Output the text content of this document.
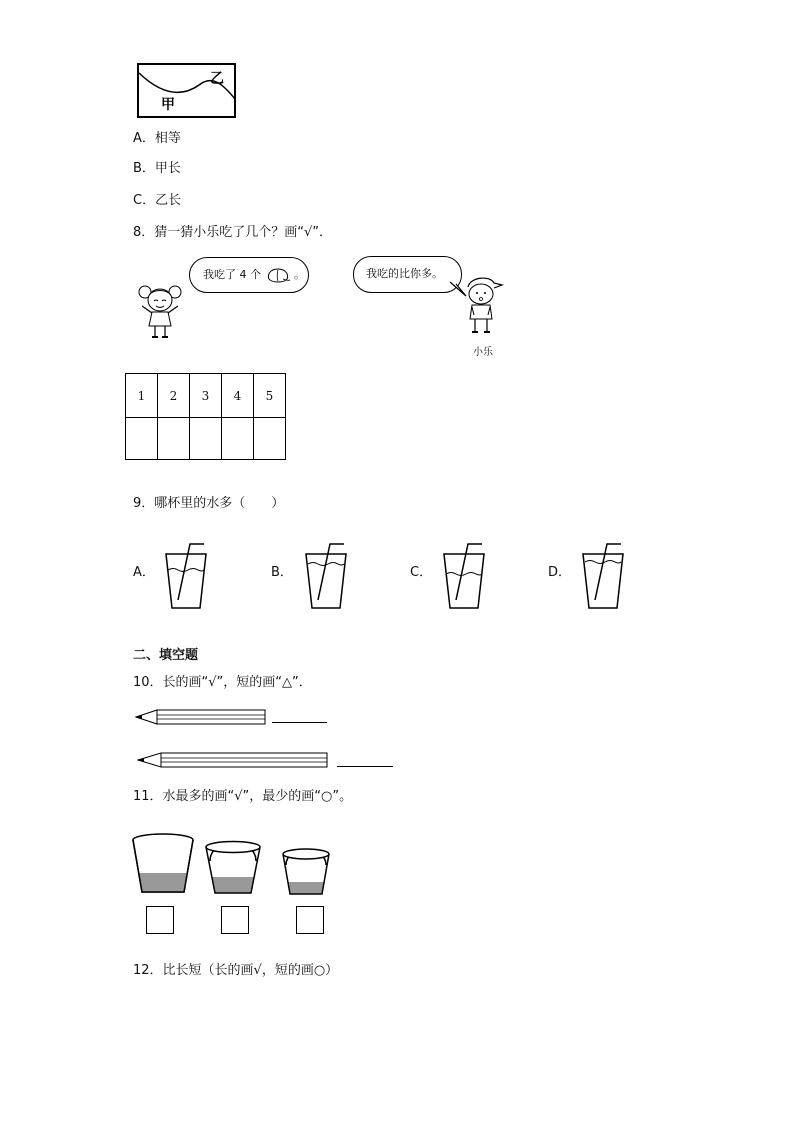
乙
甲
A．相等
B．甲长
C．乙长
8．猜一猜小乐吃了几个？画“√”．
我吃了 4 个	。	我吃的比你多。
小乐
1	2	3	4	5

9．哪杯里的水多（　　）
A．	B．	C．	D．
二、填空题
10．长的画“√”，短的画“△”．
11．水最多的画“√”，最少的画“○”。
12．比长短（长的画√，短的画○）
